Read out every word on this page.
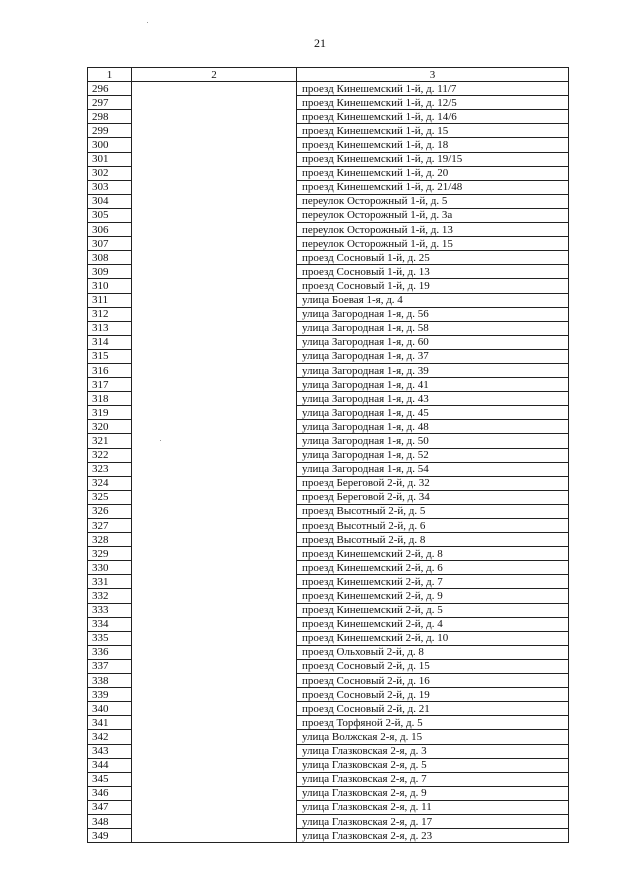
21
1	2	3
296		проезд Кинешемский 1-й, д. 11/7
297		проезд Кинешемский 1-й, д. 12/5
298		проезд Кинешемский 1-й, д. 14/6
299		проезд Кинешемский 1-й, д. 15
300		проезд Кинешемский 1-й, д. 18
301		проезд Кинешемский 1-й, д. 19/15
302		проезд Кинешемский 1-й, д. 20
303		проезд Кинешемский 1-й, д. 21/48
304		переулок Осторожный 1-й, д. 5
305		переулок Осторожный 1-й, д. 3а
306		переулок Осторожный 1-й, д. 13
307		переулок Осторожный 1-й, д. 15
308		проезд Сосновый 1-й, д. 25
309		проезд Сосновый 1-й, д. 13
310		проезд Сосновый 1-й, д. 19
311		улица Боевая 1-я, д. 4
312		улица Загородная 1-я, д. 56
313		улица Загородная 1-я, д. 58
314		улица Загородная 1-я, д. 60
315		улица Загородная 1-я, д. 37
316		улица Загородная 1-я, д. 39
317		улица Загородная 1-я, д. 41
318		улица Загородная 1-я, д. 43
319		улица Загородная 1-я, д. 45
320		улица Загородная 1-я, д. 48
321		улица Загородная 1-я, д. 50
322		улица Загородная 1-я, д. 52
323		улица Загородная 1-я, д. 54
324		проезд Береговой 2-й, д. 32
325		проезд Береговой 2-й, д. 34
326		проезд Высотный 2-й, д. 5
327		проезд Высотный 2-й, д. 6
328		проезд Высотный 2-й, д. 8
329		проезд Кинешемский 2-й, д. 8
330		проезд Кинешемский 2-й, д. 6
331		проезд Кинешемский 2-й, д. 7
332		проезд Кинешемский 2-й, д. 9
333		проезд Кинешемский 2-й, д. 5
334		проезд Кинешемский 2-й, д. 4
335		проезд Кинешемский 2-й, д. 10
336		проезд Ольховый 2-й, д. 8
337		проезд Сосновый 2-й, д. 15
338		проезд Сосновый 2-й, д. 16
339		проезд Сосновый 2-й, д. 19
340		проезд Сосновый 2-й, д. 21
341		проезд Торфяной 2-й, д. 5
342		улица Волжская 2-я, д. 15
343		улица Глазковская 2-я, д. 3
344		улица Глазковская 2-я, д. 5
345		улица Глазковская 2-я, д. 7
346		улица Глазковская 2-я, д. 9
347		улица Глазковская 2-я, д. 11
348		улица Глазковская 2-я, д. 17
349		улица Глазковская 2-я, д. 23
